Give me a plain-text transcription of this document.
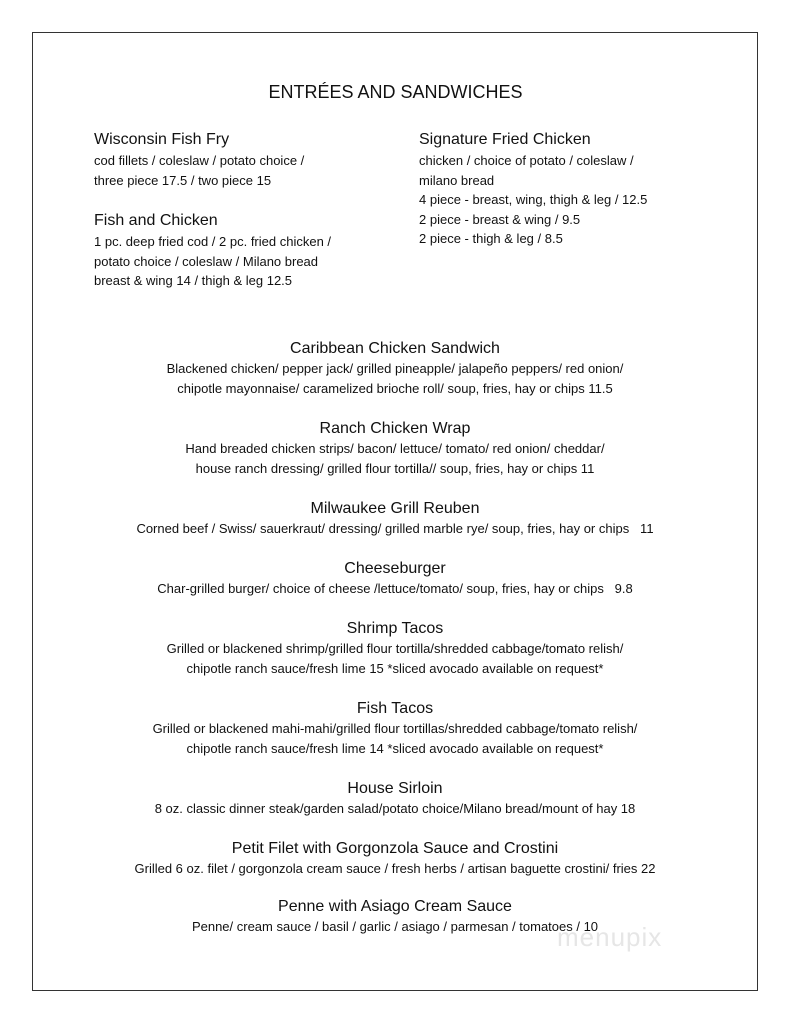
ENTRÉES AND SANDWICHES
Wisconsin Fish Fry
cod fillets / coleslaw / potato choice /
three piece 17.5 / two piece 15
Fish and Chicken
1 pc. deep fried cod / 2 pc. fried chicken /
potato choice / coleslaw / Milano bread
breast & wing 14 / thigh & leg 12.5
Signature Fried Chicken
chicken / choice of potato / coleslaw /
milano bread
4 piece - breast, wing, thigh & leg / 12.5
2 piece - breast & wing / 9.5
2 piece - thigh & leg / 8.5
Caribbean Chicken Sandwich
Blackened chicken/ pepper jack/ grilled pineapple/ jalapeño peppers/ red onion/
chipotle mayonnaise/ caramelized brioche roll/ soup, fries, hay or chips 11.5
Ranch Chicken Wrap
Hand breaded chicken strips/ bacon/ lettuce/ tomato/ red onion/ cheddar/
house ranch dressing/ grilled flour tortilla// soup, fries, hay or chips 11
Milwaukee Grill Reuben
Corned beef / Swiss/ sauerkraut/ dressing/ grilled marble rye/ soup, fries, hay or chips   11
Cheeseburger
Char-grilled burger/ choice of cheese /lettuce/tomato/ soup, fries, hay or chips   9.8
Shrimp Tacos
Grilled or blackened shrimp/grilled flour tortilla/shredded cabbage/tomato relish/
chipotle ranch sauce/fresh lime 15 *sliced avocado available on request*
Fish Tacos
Grilled or blackened mahi-mahi/grilled flour tortillas/shredded cabbage/tomato relish/
chipotle ranch sauce/fresh lime 14 *sliced avocado available on request*
House Sirloin
8 oz. classic dinner steak/garden salad/potato choice/Milano bread/mount of hay 18
Petit Filet with Gorgonzola Sauce and Crostini
Grilled 6 oz. filet / gorgonzola cream sauce / fresh herbs / artisan baguette crostini/ fries 22
Penne with Asiago Cream Sauce
Penne/ cream sauce / basil / garlic / asiago / parmesan / tomatoes / 10
menupix
